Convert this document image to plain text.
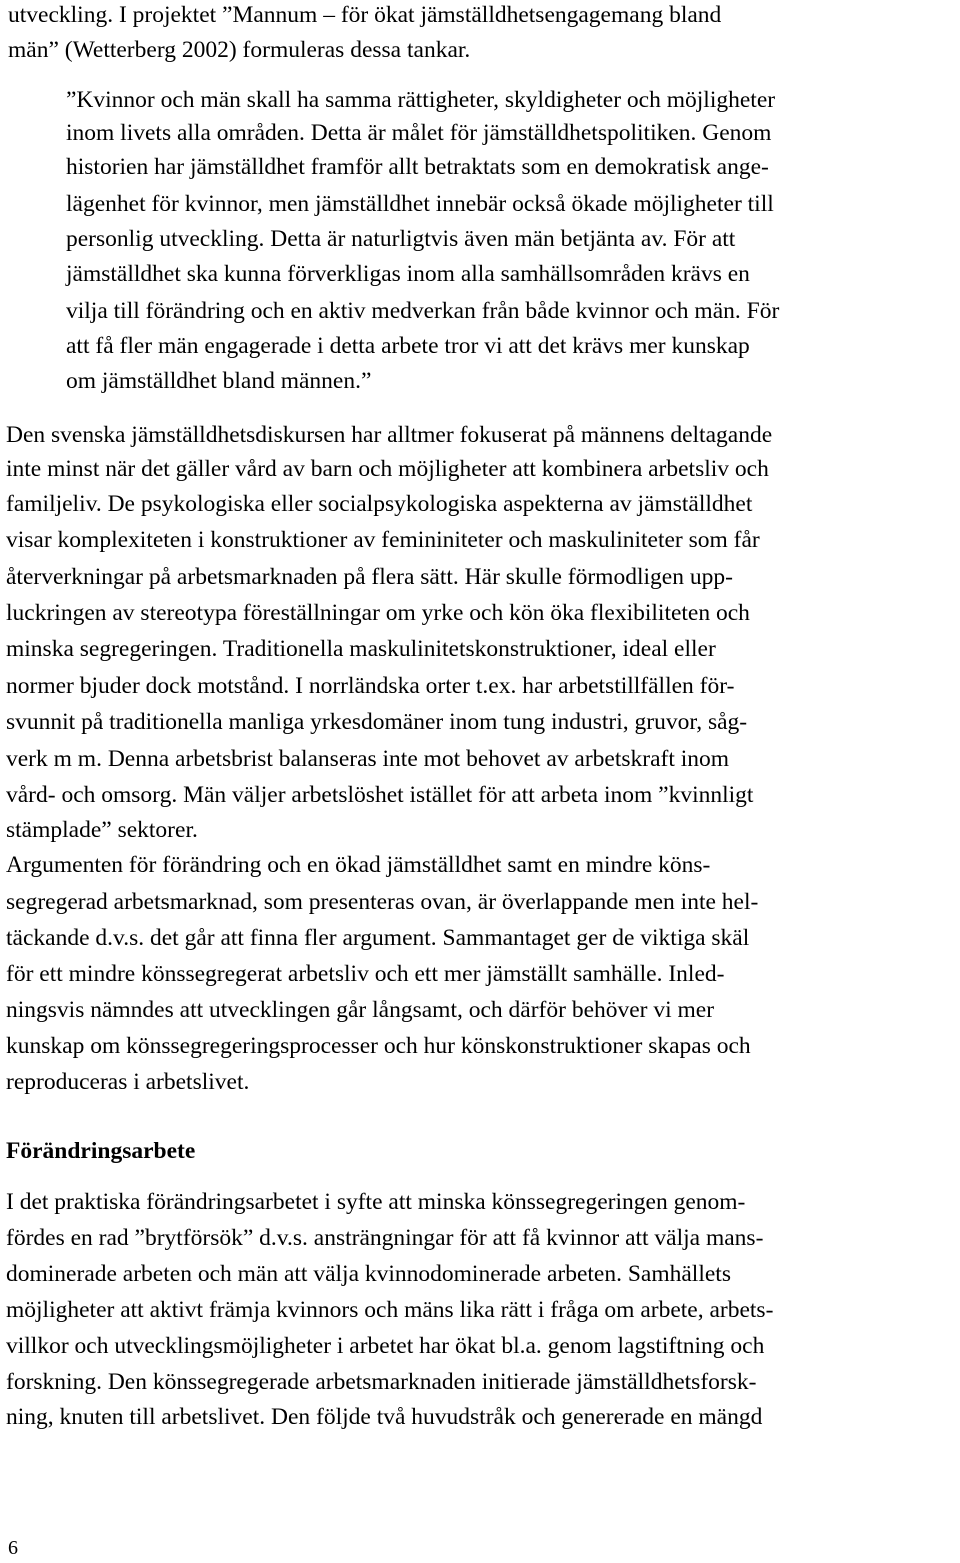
utveckling. I projektet ”Mannum – för ökat jämställdhetsengagemang bland
män” (Wetterberg 2002) formuleras dessa tankar.
”Kvinnor och män skall ha samma rättigheter, skyldigheter och möjligheter
inom livets alla områden. Detta är målet för jämställdhetspolitiken. Genom
historien har jämställdhet framför allt betraktats som en demokratisk ange-
lägenhet för kvinnor, men jämställdhet innebär också ökade möjligheter till
personlig utveckling. Detta är naturligtvis även män betjänta av. För att
jämställdhet ska kunna förverkligas inom alla samhällsområden krävs en
vilja till förändring och en aktiv medverkan från både kvinnor och män. För
att få fler män engagerade i detta arbete tror vi att det krävs mer kunskap
om jämställdhet bland männen.”
Den svenska jämställdhetsdiskursen har alltmer fokuserat på männens deltagande
inte minst när det gäller vård av barn och möjligheter att kombinera arbetsliv och
familjeliv. De psykologiska eller socialpsykologiska aspekterna av jämställdhet
visar komplexiteten i konstruktioner av femininiteter och maskuliniteter som får
återverkningar på arbetsmarknaden på flera sätt. Här skulle förmodligen upp-
luckringen av stereotypa föreställningar om yrke och kön öka flexibiliteten och
minska segregeringen. Traditionella maskulinitetskonstruktioner, ideal eller
normer bjuder dock motstånd. I norrländska orter t.ex. har arbetstillfällen för-
svunnit på traditionella manliga yrkesdomäner inom tung industri, gruvor, såg-
verk m m. Denna arbetsbrist balanseras inte mot behovet av arbetskraft inom
vård- och omsorg. Män väljer arbetslöshet istället för att arbeta inom ”kvinnligt
stämplade” sektorer.
Argumenten för förändring och en ökad jämställdhet samt en mindre köns-
segregerad arbetsmarknad, som presenteras ovan, är överlappande men inte hel-
täckande d.v.s. det går att finna fler argument. Sammantaget ger de viktiga skäl
för ett mindre könssegregerat arbetsliv och ett mer jämställt samhälle. Inled-
ningsvis nämndes att utvecklingen går långsamt, och därför behöver vi mer
kunskap om könssegregeringsprocesser och hur könskonstruktioner skapas och
reproduceras i arbetslivet.
Förändringsarbete
I det praktiska förändringsarbetet i syfte att minska könssegregeringen genom-
fördes en rad ”brytförsök” d.v.s. ansträngningar för att få kvinnor att välja mans-
dominerade arbeten och män att välja kvinnodominerade arbeten. Samhällets
möjligheter att aktivt främja kvinnors och mäns lika rätt i fråga om arbete, arbets-
villkor och utvecklingsmöjligheter i arbetet har ökat bl.a. genom lagstiftning och
forskning. Den könssegregerade arbetsmarknaden initierade jämställdhetsforsk-
ning, knuten till arbetslivet. Den följde två huvudstråk och genererade en mängd
6
